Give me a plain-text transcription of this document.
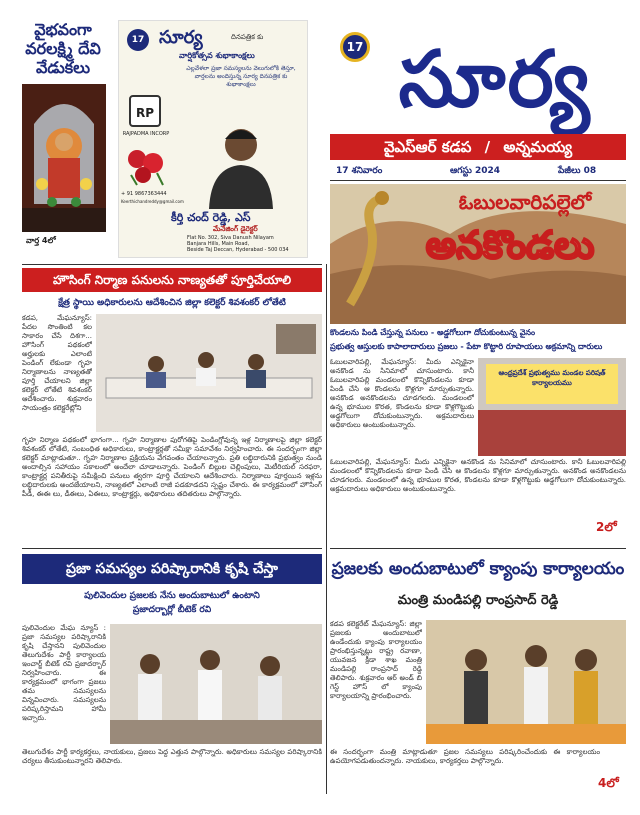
వైభవంగా వరలక్ష్మి దేవి వేడుకలు
వార్త 4లో
సూర్య	దినపత్రిక కు
వార్షికోత్సవ శుభాకాంక్షలు
ఎల్లవేళలా ప్రజా సమస్యలను వెలుగులోకి తెస్తూ, వార్తలను అందిస్తున్న సూర్య దినపత్రిక కు శుభాకాంక్షలు
RP
RAJPADMA INCORP
కీర్తి చంద్ రెడ్డి, ఎస్
మేనేజింగ్ డైరెక్టర్
Flat No. 302, Siva Danush Nilayam
Banjara Hills, Main Road,
Beside Taj Deccan, Hyderabad - 500 034
+ 91 9867363444
Keerthichandreddy@gmail.com
17	17 సూర్య
వైఎస్ఆర్ కడప / అన్నమయ్య
17 శనివారం	ఆగస్టు 2024	పేజీలు 08
ఓబులవారిపల్లెలో
అనకొండలు
కొండలను పిండి చేస్తున్న పనులు - అడ్డగోలుగా దోచుకుంటున్న వైనం
ప్రభుత్వ ఆస్తులకు కాపాలాదారులు ప్రజలు - పేటా కొట్టారి రూపాయలు అక్రమాన్ని దారులు
ఓబులవారిపల్లి, మేఘన్యూస్: మీదు ఎన్నికైనా అనకొండ ను సినిమాలో చూసుంటారు. కానీ ఓబులవారిపల్లి మండలంలో కొన్నికొండలను కూడా పిండి చేసి ఆ కొండలను కొళ్లగూ మార్చుతున్నారు. అనకొండ అనకొండలను చూడగలరు. మండలంలో ఉన్న భూముల కొరత, కొండలను కూడా కొళ్లగొట్టుకు అడ్డగోలుగా దోచుకుంటున్నారు. అక్రమదారులు అధికారులు అంటుకుంటున్నారు.
ఆంధ్రప్రదేశ్ ప్రభుత్వము మండల పరిషత్ కార్యాలయము
ఓబులవారిపల్లి, మేఘన్యూస్: మీదు ఎన్నికైనా అనకొండ ను సినిమాలో చూసుంటారు. కానీ ఓబులవారిపల్లి మండలంలో కొన్నికొండలను కూడా పిండి చేసి ఆ కొండలను కొళ్లగూ మార్చుతున్నారు. అనకొండ అనకొండలను చూడగలరు. మండలంలో ఉన్న భూముల కొరత, కొండలను కూడా కొళ్లగొట్టుకు అడ్డగోలుగా దోచుకుంటున్నారు. అక్రమదారులు అధికారులు అంటుకుంటున్నారు.
2లో
హౌసింగ్ నిర్మాణ పనులను నాణ్యతతో పూర్తిచేయాలి
క్షేత్ర స్థాయి అధికారులను ఆదేశించిన జిల్లా కలెక్టర్ శివశంకర్ లోతేటి
కడప, మేఘన్యూస్: పేదల సొంతింటి కల సాకారం చేసే దిశగా... హౌసింగ్ పథకంలో అర్హులకు ఎలాంటి పెండింగ్ లేకుండా గృహ నిర్మాణాలను నాణ్యతతో పూర్తి చేయాలని జిల్లా కలెక్టర్ లోతేటి శివశంకర్ ఆదేశించారు. శుక్రవారం సాయంత్రం కలెక్టరేట్లోని
గృహ నిర్మాణ పథకంలో భాగంగా... గృహ నిర్మాణాల పురోగతిపై పెండింగ్లోవున్న ఇళ్ల నిర్మాణాలపై జిల్లా కలెక్టర్ శివశంకర్ లోతేటి, సంబంధిత అధికారులు, కాంట్రాక్టర్లతో సమీక్షా సమావేశం నిర్వహించారు. ఈ సందర్భంగా జిల్లా కలెక్టర్ మాట్లాడుతూ.. గృహ నిర్మాణాల ప్రక్రియను వేగవంతం చేయాలన్నారు. ప్రతి లబ్ధిదారునికి ప్రభుత్వం నుండి అందాల్సిన సహాయం సకాలంలో అందేలా చూడాలన్నారు. పెండింగ్ బిల్లుల చెల్లింపులు, మెటీరియల్ సరఫరా, కాంట్రాక్టర్ల పనితీరుపై సమీక్షించి పనులు త్వరగా పూర్తి చేయాలని ఆదేశించారు. నిర్మాణాలు పూర్తయిన ఇళ్లను లబ్ధిదారులకు అందజేయాలని, నాణ్యతలో ఎలాంటి రాజీ పడకూడదని స్పష్టం చేశారు. ఈ కార్యక్రమంలో హౌసింగ్ పీడీ, ఈఈ లు, డీఈలు, ఏఈలు, కాంట్రాక్టర్లు, అధికారులు తదితరులు పాల్గొన్నారు.
ప్రజా సమస్యల పరిష్కారానికి కృషి చేస్తా
పులివెందుల ప్రజలకు నేను అందుబాటులో ఉంటాని
ప్రజాదర్బార్లో బీటెక్ రవి
పులివెందుల మేఘ న్యూస్ : ప్రజా సమస్యల పరిష్కారానికి కృషి చేస్తానని పులివెందుల తెలుగుదేశం పార్టీ కార్యాలయ ఇంచార్జ్ బీటెక్ రవి ప్రజాదర్బార్ నిర్వహించారు. ఈ కార్యక్రమంలో భాగంగా ప్రజలు తమ సమస్యలను విన్నవించారు. సమస్యలను పరిష్కరిస్తామని హామీ ఇచ్చారు.
తెలుగుదేశం పార్టీ కార్యకర్తలు, నాయకులు, ప్రజలు పెద్ద ఎత్తున పాల్గొన్నారు. అధికారులు సమస్యల పరిష్కారానికి చర్యలు తీసుకుంటున్నారని తెలిపారు.
ప్రజలకు అందుబాటులో క్యాంపు కార్యాలయం
మంత్రి మండిపల్లి రాంప్రసాద్ రెడ్డి
కడప కలెక్టరేట్ మేఘన్యూస్: జిల్లా ప్రజలకు అందుబాటులో ఉండేందుకు క్యాంపు కార్యాలయం ప్రారంభిస్తున్నట్లు రాష్ట్ర రవాణా, యువజన క్రీడా శాఖ మంత్రి మండిపల్లి రాంప్రసాద్ రెడ్డి తెలిపారు. శుక్రవారం ఆర్ అండ్ బి గెస్ట్ హౌస్ లో క్యాంపు కార్యాలయాన్ని ప్రారంభించారు.
ఈ సందర్భంగా మంత్రి మాట్లాడుతూ ప్రజల సమస్యలు పరిష్కరించేందుకు ఈ కార్యాలయం ఉపయోగపడుతుందన్నారు. నాయకులు, కార్యకర్తలు పాల్గొన్నారు.
4లో
